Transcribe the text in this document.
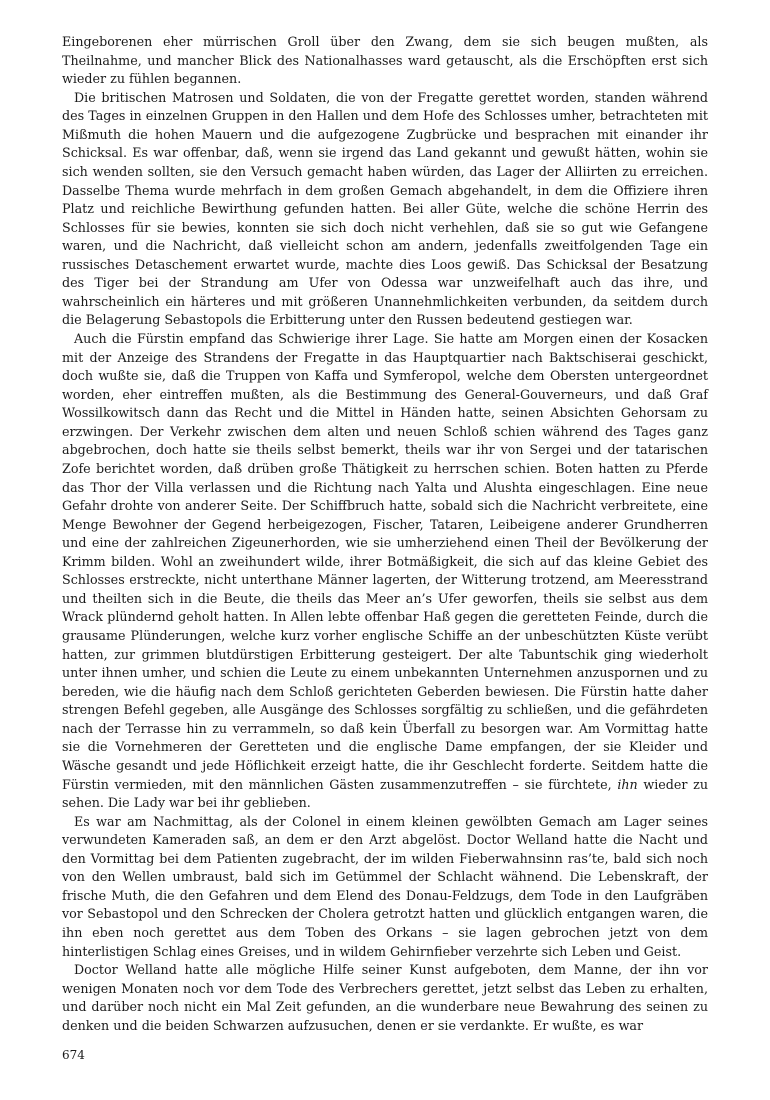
Eingeborenen eher mürrischen Groll über den Zwang, dem sie sich beugen mußten, als Theilnahme, und mancher Blick des Nationalhasses ward getauscht, als die Erschöpften erst sich wieder zu fühlen begannen.

Die britischen Matrosen und Soldaten, die von der Fregatte gerettet worden, standen während des Tages in einzelnen Gruppen in den Hallen und dem Hofe des Schlosses umher, betrachteten mit Mißmuth die hohen Mauern und die aufgezogene Zugbrücke und besprachen mit einander ihr Schicksal. Es war offenbar, daß, wenn sie irgend das Land gekannt und gewußt hätten, wohin sie sich wenden sollten, sie den Versuch gemacht haben würden, das Lager der Alliirten zu erreichen. Dasselbe Thema wurde mehrfach in dem großen Gemach abgehandelt, in dem die Offiziere ihren Platz und reichliche Bewirthung gefunden hatten. Bei aller Güte, welche die schöne Herrin des Schlosses für sie bewies, konnten sie sich doch nicht verhehlen, daß sie so gut wie Gefangene waren, und die Nachricht, daß vielleicht schon am andern, jedenfalls zweitfolgenden Tage ein russisches Detaschement erwartet wurde, machte dies Loos gewiß. Das Schicksal der Besatzung des Tiger bei der Strandung am Ufer von Odessa war unzweifelhaft auch das ihre, und wahrscheinlich ein härteres und mit größeren Unannehmlichkeiten verbunden, da seitdem durch die Belagerung Sebastopols die Erbitterung unter den Russen bedeutend gestiegen war.

Auch die Fürstin empfand das Schwierige ihrer Lage. Sie hatte am Morgen einen der Kosacken mit der Anzeige des Strandens der Fregatte in das Hauptquartier nach Baktschiserai geschickt, doch wußte sie, daß die Truppen von Kaffa und Symferopol, welche dem Obersten untergeordnet worden, eher eintreffen mußten, als die Bestimmung des General-Gouverneurs, und daß Graf Wossilkowitsch dann das Recht und die Mittel in Händen hatte, seinen Absichten Gehorsam zu erzwingen. Der Verkehr zwischen dem alten und neuen Schloß schien während des Tages ganz abgebrochen, doch hatte sie theils selbst bemerkt, theils war ihr von Sergei und der tatarischen Zofe berichtet worden, daß drüben große Thätigkeit zu herrschen schien. Boten hatten zu Pferde das Thor der Villa verlassen und die Richtung nach Yalta und Alushta eingeschlagen. Eine neue Gefahr drohte von anderer Seite. Der Schiffbruch hatte, sobald sich die Nachricht verbreitete, eine Menge Bewohner der Gegend herbeigezogen, Fischer, Tataren, Leibeigene anderer Grundherren und eine der zahlreichen Zigeunerhorden, wie sie umherziehend einen Theil der Bevölkerung der Krimm bilden. Wohl an zweihundert wilde, ihrer Botmäßigkeit, die sich auf das kleine Gebiet des Schlosses erstreckte, nicht unterthane Männer lagerten, der Witterung trotzend, am Meeresstrand und theilten sich in die Beute, die theils das Meer an’s Ufer geworfen, theils sie selbst aus dem Wrack plündernd geholt hatten. In Allen lebte offenbar Haß gegen die geretteten Feinde, durch die grausame Plünderungen, welche kurz vorher englische Schiffe an der unbeschützten Küste verübt hatten, zur grimmen blutdürstigen Erbitterung gesteigert. Der alte Tabuntschik ging wiederholt unter ihnen umher, und schien die Leute zu einem unbekannten Unternehmen anzuspornen und zu bereden, wie die häufig nach dem Schloß gerichteten Geberden bewiesen. Die Fürstin hatte daher strengen Befehl gegeben, alle Ausgänge des Schlosses sorgfältig zu schließen, und die gefährdeten nach der Terrasse hin zu verrammeln, so daß kein Überfall zu besorgen war. Am Vormittag hatte sie die Vornehmeren der Geretteten und die englische Dame empfangen, der sie Kleider und Wäsche gesandt und jede Höflichkeit erzeigt hatte, die ihr Geschlecht forderte. Seitdem hatte die Fürstin vermieden, mit den männlichen Gästen zusammenzutreffen – sie fürchtete, ihn wieder zu sehen. Die Lady war bei ihr geblieben.

Es war am Nachmittag, als der Colonel in einem kleinen gewölbten Gemach am Lager seines verwundeten Kameraden saß, an dem er den Arzt abgelöst. Doctor Welland hatte die Nacht und den Vormittag bei dem Patienten zugebracht, der im wilden Fieberwahnsinn ras’te, bald sich noch von den Wellen umbraust, bald sich im Getümmel der Schlacht wähnend. Die Lebenskraft, der frische Muth, die den Gefahren und dem Elend des Donau-Feldzugs, dem Tode in den Laufgräben vor Sebastopol und den Schrecken der Cholera getrotzt hatten und glücklich entgangen waren, die ihn eben noch gerettet aus dem Toben des Orkans – sie lagen gebrochen jetzt von dem hinterlistigen Schlag eines Greises, und in wildem Gehirnfieber verzehrte sich Leben und Geist.

Doctor Welland hatte alle mögliche Hilfe seiner Kunst aufgeboten, dem Manne, der ihn vor wenigen Monaten noch vor dem Tode des Verbrechers gerettet, jetzt selbst das Leben zu erhalten, und darüber noch nicht ein Mal Zeit gefunden, an die wunderbare neue Bewahrung des seinen zu denken und die beiden Schwarzen aufzusuchen, denen er sie verdankte. Er wußte, es war

674
